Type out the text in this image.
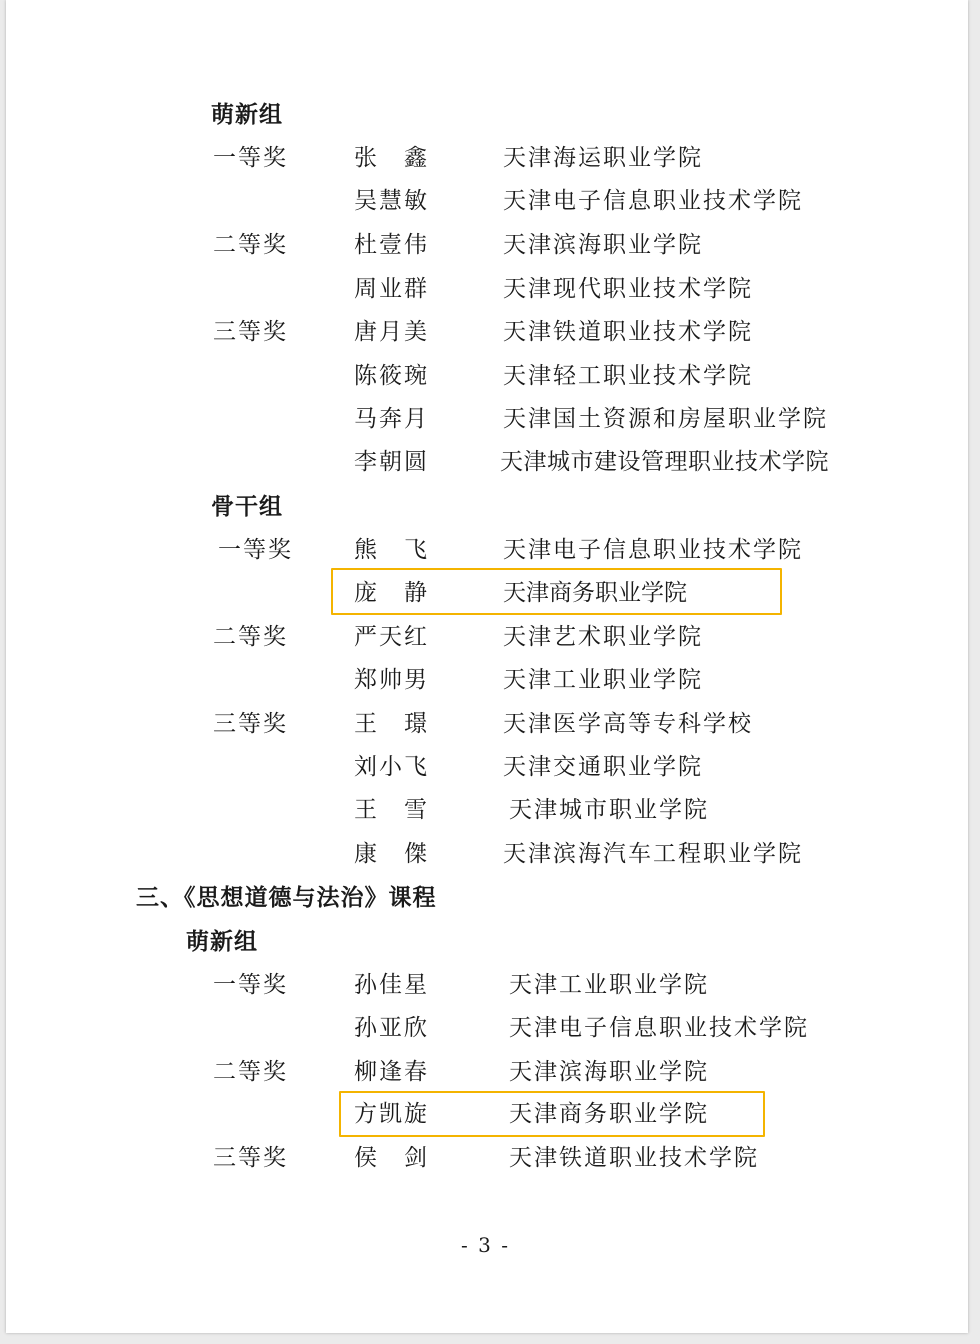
萌新组
一等奖	张　鑫	天津海运职业学院
吴慧敏	天津电子信息职业技术学院
二等奖	杜壹伟	天津滨海职业学院
周业群	天津现代职业技术学院
三等奖	唐月美	天津铁道职业技术学院
陈筱琬	天津轻工职业技术学院
马奔月	天津国土资源和房屋职业学院
李朝圆	天津城市建设管理职业技术学院
骨干组
一等奖	熊　飞	天津电子信息职业技术学院
庞　静	天津商务职业学院
二等奖	严天红	天津艺术职业学院
郑帅男	天津工业职业学院
三等奖	王　璟	天津医学高等专科学校
刘小飞	天津交通职业学院
王　雪	天津城市职业学院
康　傑	天津滨海汽车工程职业学院
三、《思想道德与法治》课程
萌新组
一等奖	孙佳星	天津工业职业学院
孙亚欣	天津电子信息职业技术学院
二等奖	柳逢春	天津滨海职业学院
方凯旋	天津商务职业学院
三等奖	侯　剑	天津铁道职业技术学院
- 3 -
